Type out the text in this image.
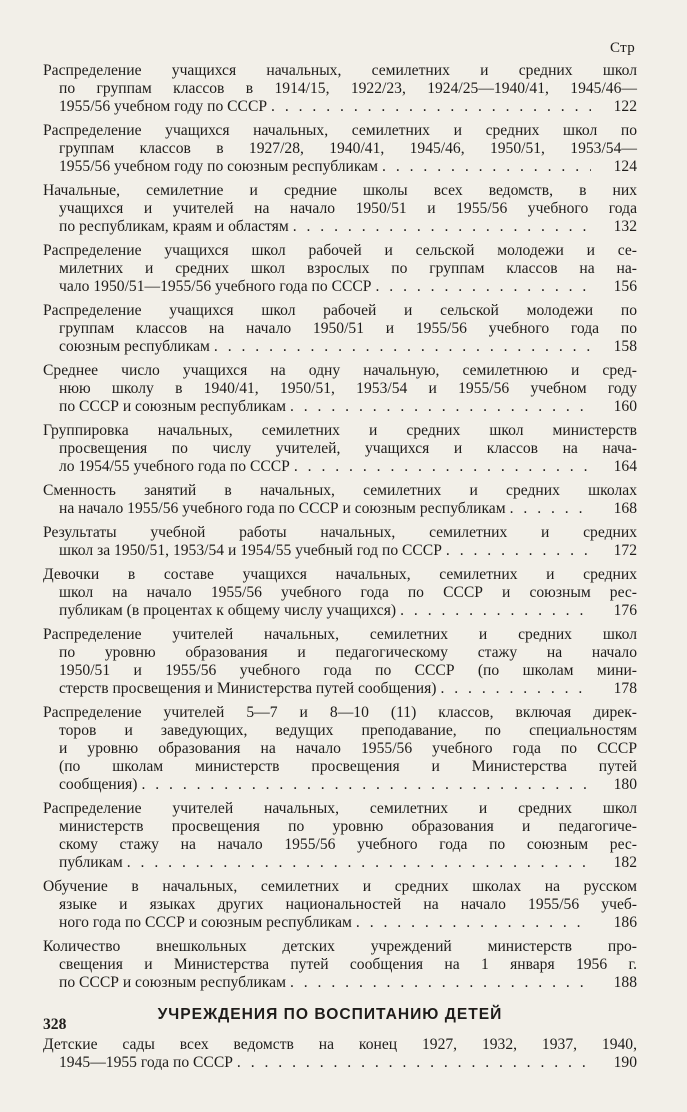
Стр
Распределение учащихся начальных, семилетних и средних школ
по группам классов в 1914/15, 1922/23, 1924/25—1940/41, 1945/46—
1955/56 учебном году по СССР . . .	122
Распределение учащихся начальных, семилетних и средних школ по
группам классов в 1927/28, 1940/41, 1945/46, 1950/51, 1953/54—
1955/56 учебном году по союзным республикам . . .	124
Начальные, семилетние и средние школы всех ведомств, в них
учащихся и учителей на начало 1950/51 и 1955/56 учебного года
по республикам, краям и областям . . .	132
Распределение учащихся школ рабочей и сельской молодежи и се-
милетних и средних школ взрослых по группам классов на на-
чало 1950/51—1955/56 учебного года по СССР . . .	156
Распределение учащихся школ рабочей и сельской молодежи по
группам классов на начало 1950/51 и 1955/56 учебного года по
союзным республикам . . .	158
Среднее число учащихся на одну начальную, семилетнюю и сред-
нюю школу в 1940/41, 1950/51, 1953/54 и 1955/56 учебном году
по СССР и союзным республикам . . .	160
Группировка начальных, семилетних и средних школ министерств
просвещения по числу учителей, учащихся и классов на нача-
ло 1954/55 учебного года по СССР . . .	164
Сменность занятий в начальных, семилетних и средних школах
на начало 1955/56 учебного года по СССР и союзным республикам . . .	168
Результаты учебной работы начальных, семилетних и средних
школ за 1950/51, 1953/54 и 1954/55 учебный год по СССР . . .	172
Девочки в составе учащихся начальных, семилетних и средних
школ на начало 1955/56 учебного года по СССР и союзным рес-
публикам (в процентах к общему числу учащихся) . . .	176
Распределение учителей начальных, семилетних и средних школ
по уровню образования и педагогическому стажу на начало
1950/51 и 1955/56 учебного года по СССР (по школам мини-
стерств просвещения и Министерства путей сообщения) . . .	178
Распределение учителей 5—7 и 8—10 (11) классов, включая дирек-
торов и заведующих, ведущих преподавание, по специальностям
и уровню образования на начало 1955/56 учебного года по СССР
(по школам министерств просвещения и Министерства путей
сообщения) . . .	180
Распределение учителей начальных, семилетних и средних школ
министерств просвещения по уровню образования и педагогиче-
скому стажу на начало 1955/56 учебного года по союзным рес-
публикам . . .	182
Обучение в начальных, семилетних и средних школах на русском
языке и языках других национальностей на начало 1955/56 учеб-
ного года по СССР и союзным республикам . . .	186
Количество внешкольных детских учреждений министерств про-
свещения и Министерства путей сообщения на 1 января 1956 г.
по СССР и союзным республикам . . .	188
УЧРЕЖДЕНИЯ ПО ВОСПИТАНИЮ ДЕТЕЙ
Детские сады всех ведомств на конец 1927, 1932, 1937, 1940,
1945—1955 года по СССР . . .	190
328
